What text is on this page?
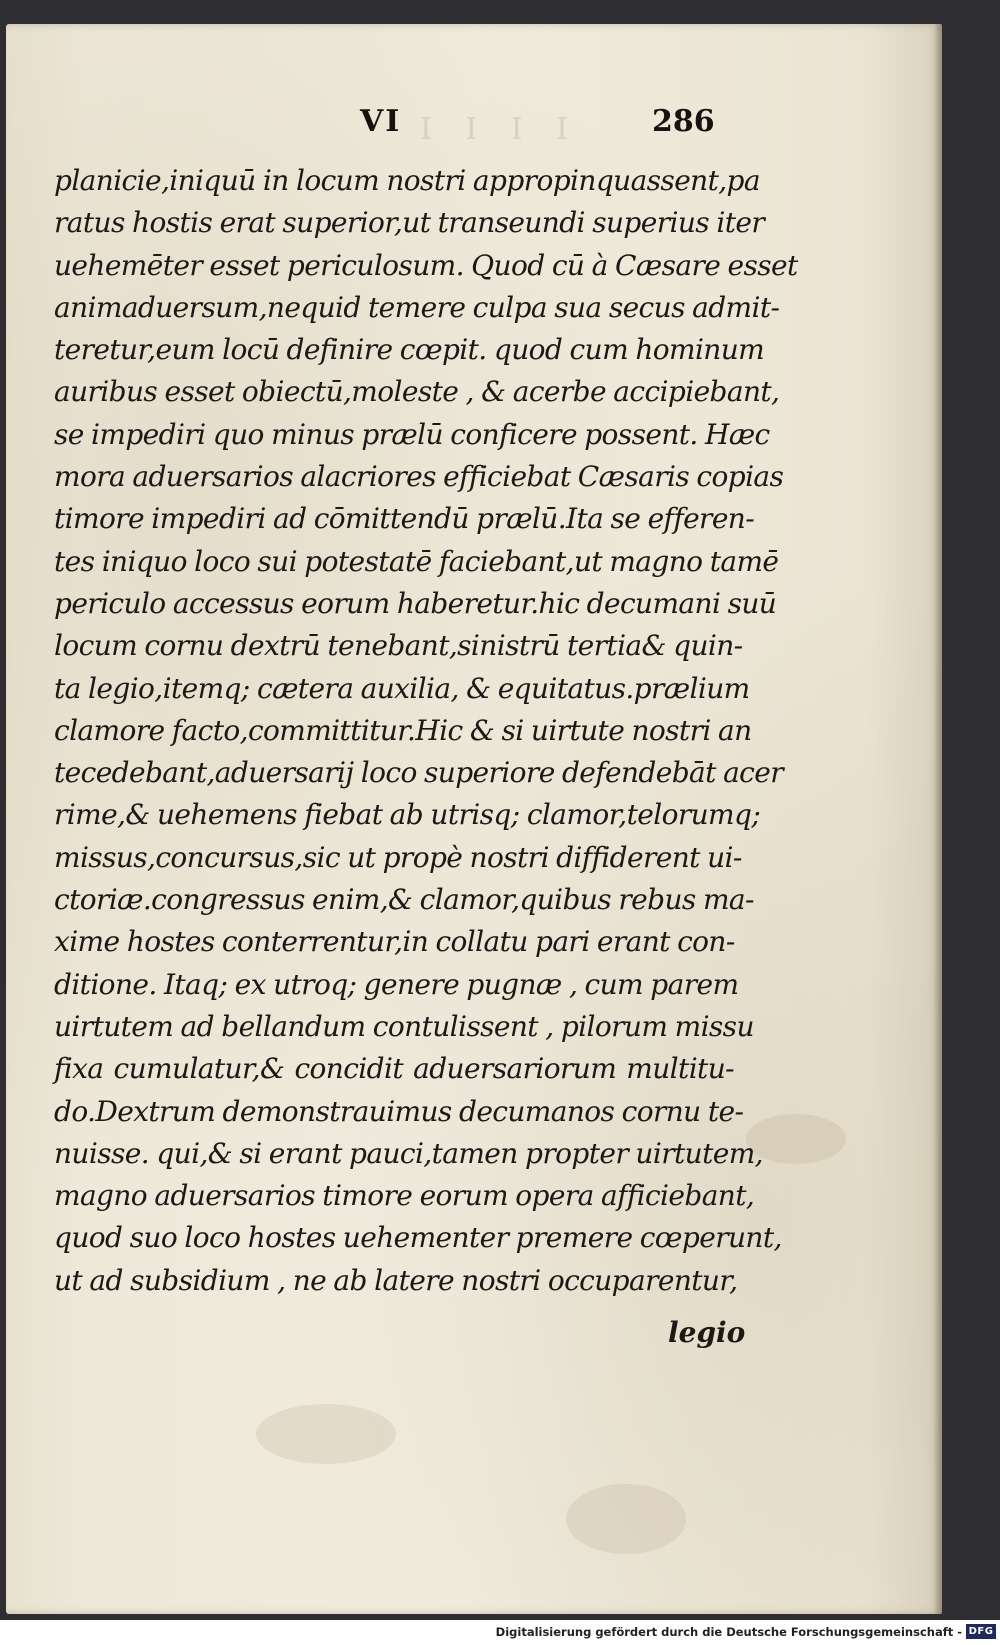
I I I I
VI	286
planicie,iniquū in locum nostri appropinquassent,pa
ratus hostis erat superior,ut transeundi superius iter
uehemēter esset periculosum. Quod cū à Cæsare esset
animaduersum,nequid temere culpa sua secus admit-
teretur,eum locū definire cœpit. quod cum hominum
auribus esset obiectū,moleste , & acerbe accipiebant,
se impediri quo minus prælū conficere possent. Hæc
mora aduersarios alacriores efficiebat Cæsaris copias
timore impediri ad cōmittendū prælū.Ita se efferen-
tes iniquo loco sui potestatē faciebant,ut magno tamē
periculo accessus eorum haberetur.hic decumani suū
locum cornu dextrū tenebant,sinistrū tertia& quin-
ta legio,itemq; cætera auxilia, & equitatus.prælium
clamore facto,committitur.Hic & si uirtute nostri an
tecedebant,aduersarij loco superiore defendebāt acer
rime,& uehemens fiebat ab utrisq; clamor,telorumq;
missus,concursus,sic ut propè nostri diffiderent ui-
ctoriæ.congressus enim,& clamor,quibus rebus ma-
xime hostes conterrentur,in collatu pari erant con-
ditione. Itaq; ex utroq; genere pugnæ , cum parem
uirtutem ad bellandum contulissent , pilorum missu
fixa cumulatur,& concidit aduersariorum multitu-
do.Dextrum demonstrauimus decumanos cornu te-
nuisse. qui,& si erant pauci,tamen propter uirtutem,
magno aduersarios timore eorum opera afficiebant,
quod suo loco hostes uehementer premere cœperunt,
ut ad subsidium , ne ab latere nostri occuparentur,
legio
Digitalisierung gefördert durch die Deutsche Forschungsgemeinschaft - DFG
